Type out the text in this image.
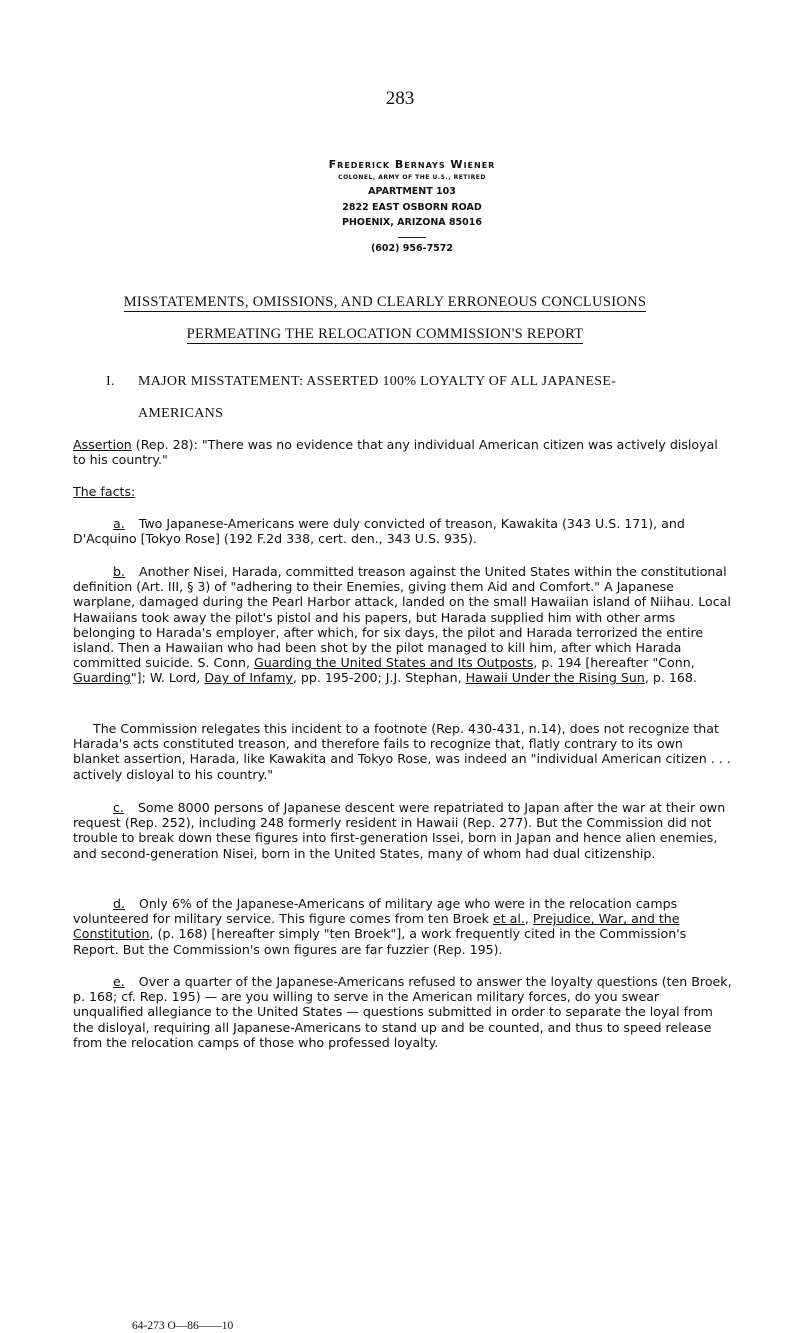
283
Frederick Bernays Wiener
COLONEL, ARMY OF THE U.S., RETIRED
APARTMENT 103
2822 EAST OSBORN ROAD
PHOENIX, ARIZONA 85016
(602) 956-7572
MISSTATEMENTS, OMISSIONS, AND CLEARLY ERRONEOUS CONCLUSIONS
PERMEATING THE RELOCATION COMMISSION'S REPORT
I. MAJOR MISSTATEMENT: ASSERTED 100% LOYALTY OF ALL JAPANESE-
AMERICANS

Assertion (Rep. 28): "There was no evidence that any individual American citizen was actively disloyal to his country."

The facts:

a. Two Japanese-Americans were duly convicted of treason, Kawakita (343 U.S. 171), and D'Acquino [Tokyo Rose] (192 F.2d 338, cert. den., 343 U.S. 935).

b. Another Nisei, Harada, committed treason against the United States within the constitutional definition (Art. III, § 3) of "adhering to their Enemies, giving them Aid and Comfort." A Japanese warplane, damaged during the Pearl Harbor attack, landed on the small Hawaiian island of Niihau. Local Hawaiians took away the pilot's pistol and his papers, but Harada supplied him with other arms belonging to Harada's employer, after which, for six days, the pilot and Harada terrorized the entire island. Then a Hawaiian who had been shot by the pilot managed to kill him, after which Harada committed suicide. S. Conn, Guarding the United States and Its Outposts, p. 194 [hereafter "Conn, Guarding"]; W. Lord, Day of Infamy, pp. 195-200; J.J. Stephan, Hawaii Under the Rising Sun, p. 168.

The Commission relegates this incident to a footnote (Rep. 430-431, n.14), does not recognize that Harada's acts constituted treason, and therefore fails to recognize that, flatly contrary to its own blanket assertion, Harada, like Kawakita and Tokyo Rose, was indeed an "individual American citizen . . . actively disloyal to his country."

c. Some 8000 persons of Japanese descent were repatriated to Japan after the war at their own request (Rep. 252), including 248 formerly resident in Hawaii (Rep. 277). But the Commission did not trouble to break down these figures into first-generation Issei, born in Japan and hence alien enemies, and second-generation Nisei, born in the United States, many of whom had dual citizenship.

d. Only 6% of the Japanese-Americans of military age who were in the relocation camps volunteered for military service. This figure comes from ten Broek et al., Prejudice, War, and the Constitution, (p. 168) [hereafter simply "ten Broek"], a work frequently cited in the Commission's Report. But the Commission's own figures are far fuzzier (Rep. 195).

e. Over a quarter of the Japanese-Americans refused to answer the loyalty questions (ten Broek, p. 168; cf. Rep. 195) — are you willing to serve in the American military forces, do you swear unqualified allegiance to the United States — questions submitted in order to separate the loyal from the disloyal, requiring all Japanese-Americans to stand up and be counted, and thus to speed release from the relocation camps of those who professed loyalty.

64-273 O—86——10
